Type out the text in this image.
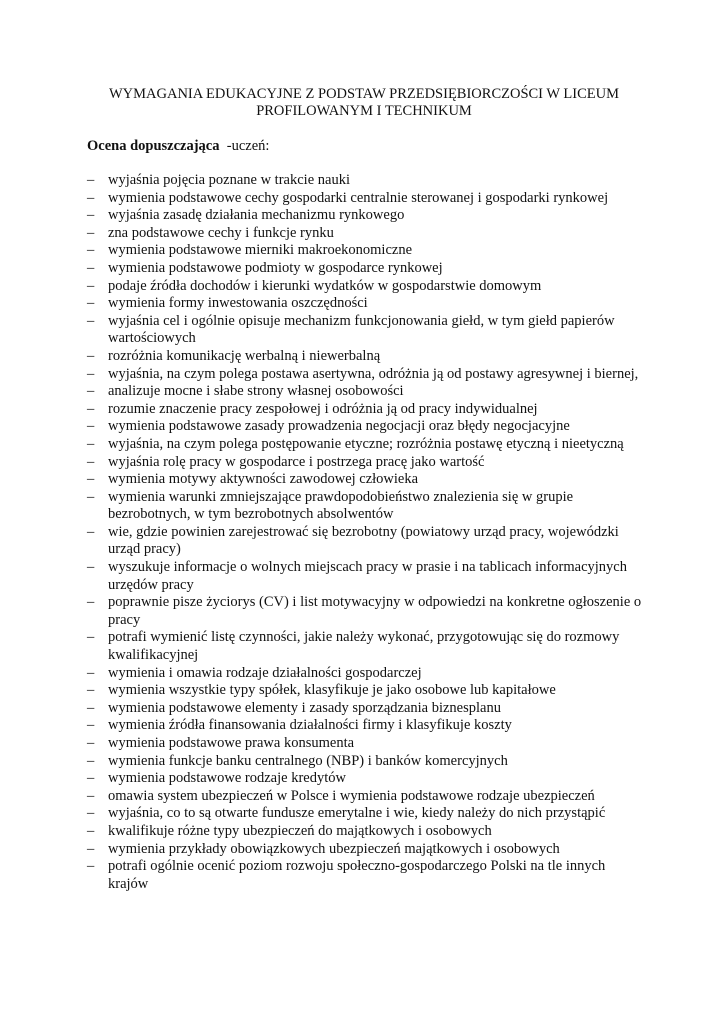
WYMAGANIA EDUKACYJNE Z PODSTAW PRZEDSIĘBIORCZOŚCI W LICEUM
PROFILOWANYM I TECHNIKUM
Ocena dopuszczająca -uczeń:
– wyjaśnia pojęcia poznane w trakcie nauki
– wymienia podstawowe cechy gospodarki centralnie sterowanej i gospodarki rynkowej
– wyjaśnia zasadę działania mechanizmu rynkowego
– zna podstawowe cechy i funkcje rynku
– wymienia podstawowe mierniki makroekonomiczne
– wymienia podstawowe podmioty w gospodarce rynkowej
– podaje źródła dochodów i kierunki wydatków w gospodarstwie domowym
– wymienia formy inwestowania oszczędności
– wyjaśnia cel i ogólnie opisuje mechanizm funkcjonowania giełd, w tym giełd papierów wartościowych
– rozróżnia komunikację werbalną i niewerbalną
– wyjaśnia, na czym polega postawa asertywna, odróżnia ją od postawy agresywnej i biernej,
– analizuje mocne i słabe strony własnej osobowości
– rozumie znaczenie pracy zespołowej i odróżnia ją od pracy indywidualnej
– wymienia podstawowe zasady prowadzenia negocjacji oraz błędy negocjacyjne
– wyjaśnia, na czym polega postępowanie etyczne; rozróżnia postawę etyczną i nieetyczną
– wyjaśnia rolę pracy w gospodarce i postrzega pracę jako wartość
– wymienia motywy aktywności zawodowej człowieka
– wymienia warunki zmniejszające prawdopodobieństwo znalezienia się w grupie bezrobotnych, w tym bezrobotnych absolwentów
– wie, gdzie powinien zarejestrować się bezrobotny (powiatowy urząd pracy, wojewódzki urząd pracy)
– wyszukuje informacje o wolnych miejscach pracy w prasie i na tablicach informacyjnych urzędów pracy
– poprawnie pisze życiorys (CV) i list motywacyjny w odpowiedzi na konkretne ogłoszenie o pracy
– potrafi wymienić listę czynności, jakie należy wykonać, przygotowując się do rozmowy kwalifikacyjnej
– wymienia i omawia rodzaje działalności gospodarczej
– wymienia wszystkie typy spółek, klasyfikuje je jako osobowe lub kapitałowe
– wymienia podstawowe elementy i zasady sporządzania biznesplanu
– wymienia źródła finansowania działalności firmy i klasyfikuje koszty
– wymienia podstawowe prawa konsumenta
– wymienia funkcje banku centralnego (NBP) i banków komercyjnych
– wymienia podstawowe rodzaje kredytów
– omawia system ubezpieczeń w Polsce i wymienia podstawowe rodzaje ubezpieczeń
– wyjaśnia, co to są otwarte fundusze emerytalne i wie, kiedy należy do nich przystąpić
– kwalifikuje różne typy ubezpieczeń do majątkowych i osobowych
– wymienia przykłady obowiązkowych ubezpieczeń majątkowych i osobowych
– potrafi ogólnie ocenić poziom rozwoju społeczno-gospodarczego Polski na tle innych krajów
